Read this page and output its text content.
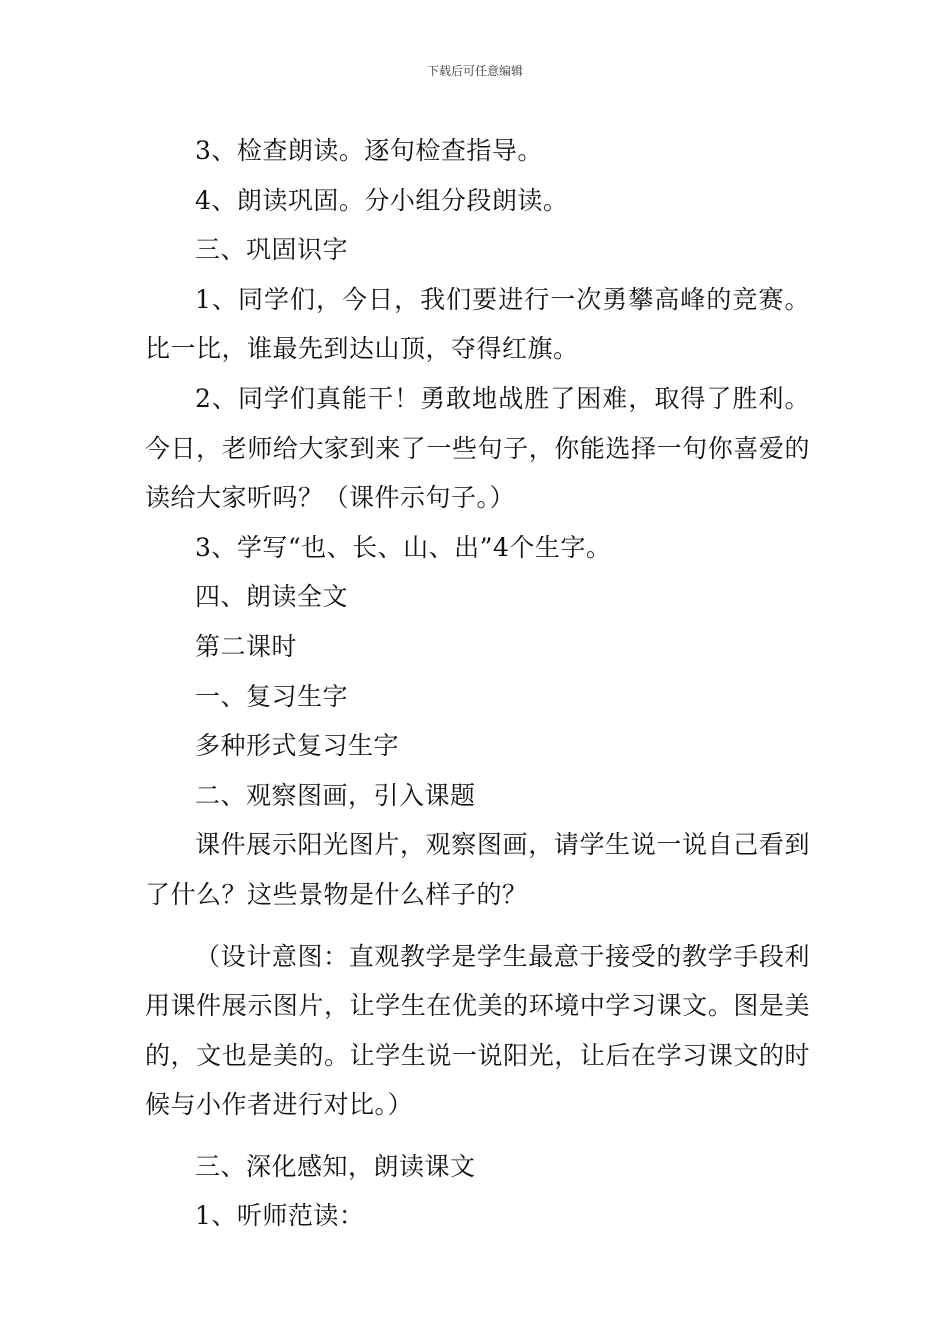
下载后可任意编辑

3、检查朗读。逐句检查指导。

4、朗读巩固。分小组分段朗读。

三、巩固识字

1、同学们，今日，我们要进行一次勇攀高峰的竞赛。比一比，谁最先到达山顶，夺得红旗。

2、同学们真能干！勇敢地战胜了困难，取得了胜利。今日，老师给大家到来了一些句子，你能选择一句你喜爱的读给大家听吗？（课件示句子。）

3、学写“也、长、山、出”4个生字。

四、朗读全文

第二课时

一、复习生字

多种形式复习生字

二、观察图画，引入课题

课件展示阳光图片，观察图画，请学生说一说自己看到了什么？这些景物是什么样子的？

（设计意图：直观教学是学生最意于接受的教学手段利用课件展示图片，让学生在优美的环境中学习课文。图是美的，文也是美的。让学生说一说阳光，让后在学习课文的时候与小作者进行对比。）

三、深化感知，朗读课文

1、听师范读：
